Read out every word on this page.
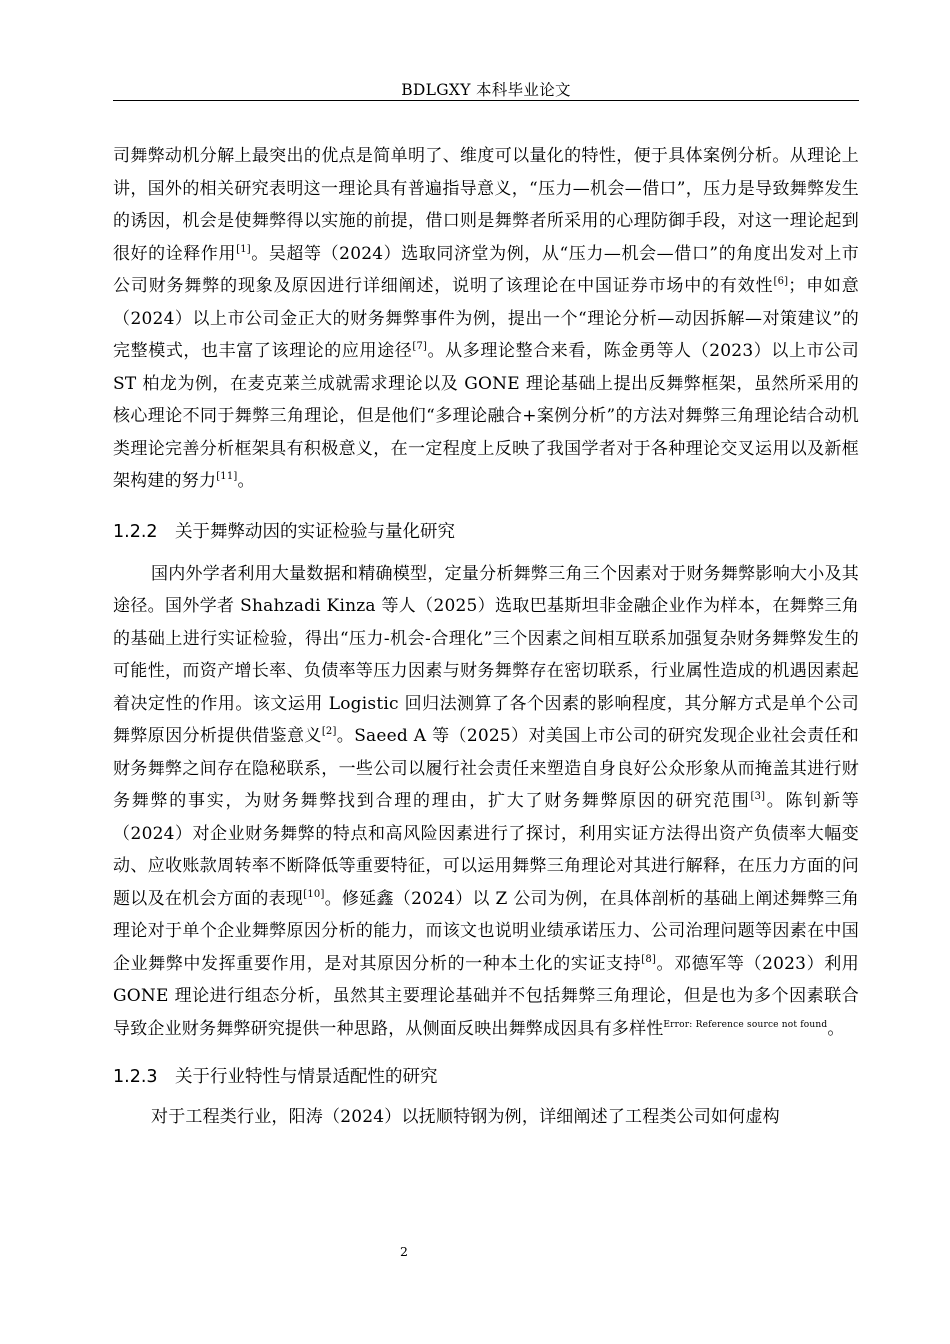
BDLGXY 本科毕业论文

司舞弊动机分解上最突出的优点是简单明了、维度可以量化的特性，便于具体案例分析。从理论上讲，国外的相关研究表明这一理论具有普遍指导意义，“压力—机会—借口”，压力是导致舞弊发生的诱因，机会是使舞弊得以实施的前提，借口则是舞弊者所采用的心理防御手段，对这一理论起到很好的诠释作用[1]。吴超等（2024）选取同济堂为例，从“压力—机会—借口”的角度出发对上市公司财务舞弊的现象及原因进行详细阐述，说明了该理论在中国证券市场中的有效性[6]；申如意（2024）以上市公司金正大的财务舞弊事件为例，提出一个“理论分析—动因拆解—对策建议”的完整模式，也丰富了该理论的应用途径[7]。从多理论整合来看，陈金勇等人（2023）以上市公司 ST 柏龙为例，在麦克莱兰成就需求理论以及 GONE 理论基础上提出反舞弊框架，虽然所采用的核心理论不同于舞弊三角理论，但是他们“多理论融合+案例分析”的方法对舞弊三角理论结合动机类理论完善分析框架具有积极意义，在一定程度上反映了我国学者对于各种理论交叉运用以及新框架构建的努力[11]。

1.2.2 关于舞弊动因的实证检验与量化研究

国内外学者利用大量数据和精确模型，定量分析舞弊三角三个因素对于财务舞弊影响大小及其途径。国外学者 Shahzadi Kinza 等人（2025）选取巴基斯坦非金融企业作为样本，在舞弊三角的基础上进行实证检验，得出“压力-机会-合理化”三个因素之间相互联系加强复杂财务舞弊发生的可能性，而资产增长率、负债率等压力因素与财务舞弊存在密切联系，行业属性造成的机遇因素起着决定性的作用。该文运用 Logistic 回归法测算了各个因素的影响程度，其分解方式是单个公司舞弊原因分析提供借鉴意义[2]。Saeed A 等（2025）对美国上市公司的研究发现企业社会责任和财务舞弊之间存在隐秘联系，一些公司以履行社会责任来塑造自身良好公众形象从而掩盖其进行财务舞弊的事实，为财务舞弊找到合理的理由，扩大了财务舞弊原因的研究范围[3]。陈钊新等（2024）对企业财务舞弊的特点和高风险因素进行了探讨，利用实证方法得出资产负债率大幅变动、应收账款周转率不断降低等重要特征，可以运用舞弊三角理论对其进行解释，在压力方面的问题以及在机会方面的表现[10]。修延鑫（2024）以 Z 公司为例，在具体剖析的基础上阐述舞弊三角理论对于单个企业舞弊原因分析的能力，而该文也说明业绩承诺压力、公司治理问题等因素在中国企业舞弊中发挥重要作用，是对其原因分析的一种本土化的实证支持[8]。邓德军等（2023）利用 GONE 理论进行组态分析，虽然其主要理论基础并不包括舞弊三角理论，但是也为多个因素联合导致企业财务舞弊研究提供一种思路，从侧面反映出舞弊成因具有多样性$^{Error: Reference source not found}$。

1.2.3 关于行业特性与情景适配性的研究

对于工程类行业，阳涛（2024）以抚顺特钢为例，详细阐述了工程类公司如何虚构

2
